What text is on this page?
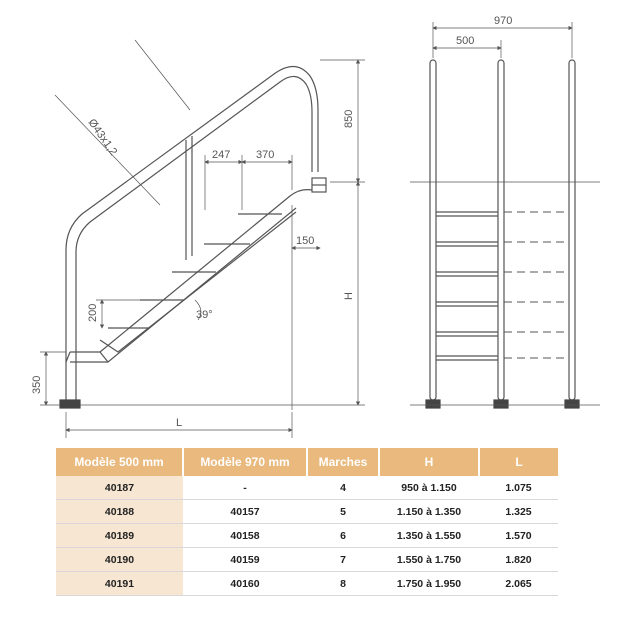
Ø43x1,2	247 370
150
850
H
200	39°
350
L
970
500
Modèle 500 mm	Modèle 970 mm	Marches	H	L
40187	-	4	950 à 1.150	1.075
40188	40157	5	1.150 à 1.350	1.325
40189	40158	6	1.350 à 1.550	1.570
40190	40159	7	1.550 à 1.750	1.820
40191	40160	8	1.750 à 1.950	2.065
